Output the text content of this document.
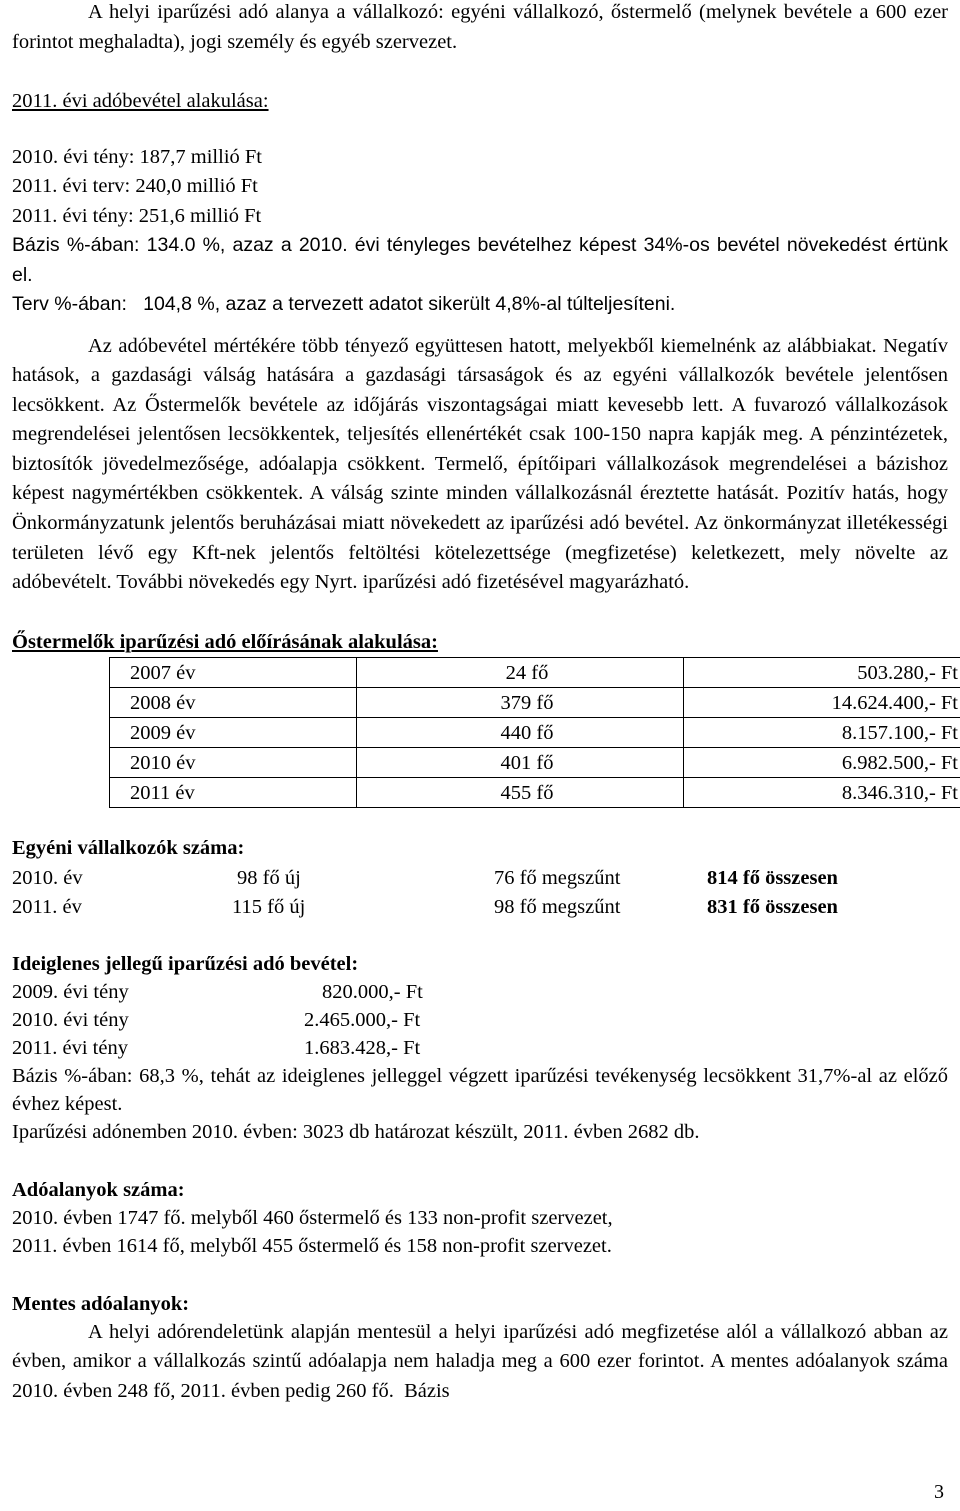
A helyi iparűzési adó alanya a vállalkozó: egyéni vállalkozó, őstermelő (melynek bevétele a 600 ezer forintot meghaladta), jogi személy és egyéb szervezet.

2011. évi adóbevétel alakulása:

2010. évi tény: 187,7 millió Ft

2011. évi terv: 240,0 millió Ft

2011. évi tény: 251,6 millió Ft

Bázis %-ában: 134.0 %, azaz a 2010. évi tényleges bevételhez képest 34%-os bevétel növekedést értünk el.

Terv %-ában:   104,8 %, azaz a tervezett adatot sikerült 4,8%-al túlteljesíteni.

Az adóbevétel mértékére több tényező együttesen hatott, melyekből kiemelnénk az alábbiakat. Negatív hatások, a gazdasági válság hatására a gazdasági társaságok és az egyéni vállalkozók bevétele jelentősen lecsökkent. Az Őstermelők bevétele az időjárás viszontagságai miatt kevesebb lett. A fuvarozó vállalkozások megrendelései jelentősen lecsökkentek, teljesítés ellenértékét csak 100-150 napra kapják meg. A pénzintézetek, biztosítók jövedelmezősége, adóalapja csökkent. Termelő, építőipari vállalkozások megrendelései a bázishoz képest nagymértékben csökkentek. A válság szinte minden vállalkozásnál éreztette hatását. Pozitív hatás, hogy Önkormányzatunk jelentős beruházásai miatt növekedett az iparűzési adó bevétel. Az önkormányzat illetékességi területen lévő egy Kft-nek jelentős feltöltési kötelezettsége (megfizetése) keletkezett, mely növelte az adóbevételt. További növekedés egy Nyrt. iparűzési adó fizetésével magyarázható.

Őstermelők iparűzési adó előírásának alakulása:

2007 év	24 fő	503.280,- Ft
2008 év	379 fő	14.624.400,- Ft
2009 év	440 fő	8.157.100,- Ft
2010 év	401 fő	6.982.500,- Ft
2011 év	455 fő	8.346.310,- Ft

Egyéni vállalkozók száma:

2010. év	98 fő új	76 fő megszűnt	814 fő összesen
2011. év	115 fő új	98 fő megszűnt	831 fő összesen

Ideiglenes jellegű iparűzési adó bevétel:

2009. évi tény	820.000,- Ft
2010. évi tény	2.465.000,- Ft
2011. évi tény	1.683.428,- Ft

Bázis %-ában: 68,3 %, tehát az ideiglenes jelleggel végzett iparűzési tevékenység lecsökkent 31,7%-al az előző évhez képest.

Iparűzési adónemben 2010. évben: 3023 db határozat készült, 2011. évben 2682 db.

Adóalanyok száma:

2010. évben 1747 fő. melyből 460 őstermelő és 133 non-profit szervezet,

2011. évben 1614 fő, melyből 455 őstermelő és 158 non-profit szervezet.

Mentes adóalanyok:

A helyi adórendeletünk alapján mentesül a helyi iparűzési adó megfizetése alól a vállalkozó abban az évben, amikor a vállalkozás szintű adóalapja nem haladja meg a 600 ezer forintot. A mentes adóalanyok száma 2010. évben 248 fő, 2011. évben pedig 260 fő.  Bázis

3
